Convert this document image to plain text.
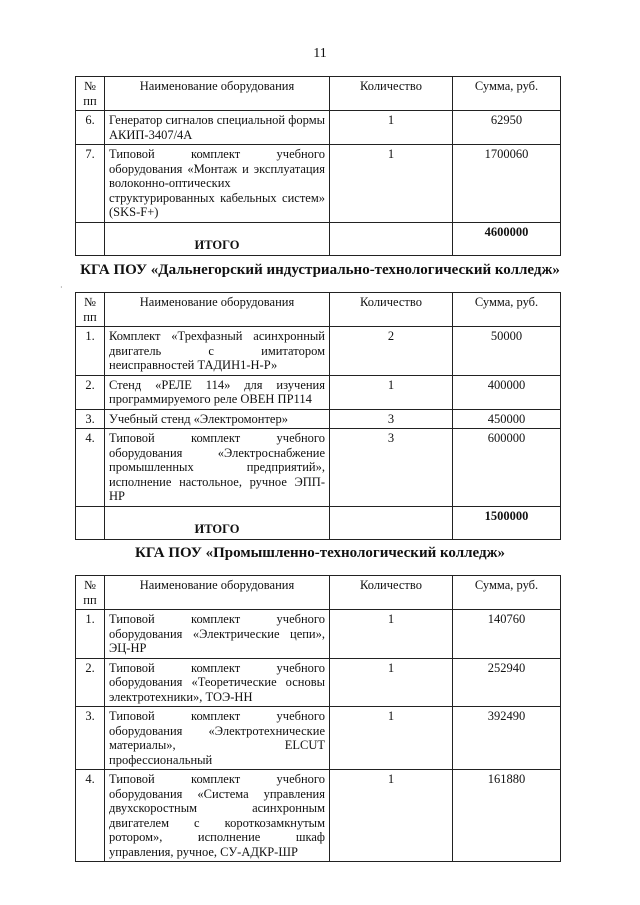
11
№ пп	Наименование оборудования	Количество	Сумма, руб.
6.	Генератор сигналов специальной формы АКИП-3407/4А	1	62950
7.	Типовой комплект учебного оборудования «Монтаж и эксплуатация волоконно-оптических структурированных кабельных систем» (SKS-F+)	1	1700060
	ИТОГО		4600000
КГА ПОУ «Дальнегорский индустриально-технологический колледж»
·
№ пп	Наименование оборудования	Количество	Сумма, руб.
1.	Комплект «Трехфазный асинхронный двигатель с имитатором неисправностей ТАДИН1-Н-Р»	2	50000
2.	Стенд «РЕЛЕ 114» для изучения программируемого реле ОВЕН ПР114	1	400000
3.	Учебный стенд «Электромонтер»	3	450000
4.	Типовой комплект учебного оборудования «Электроснабжение промышленных предприятий», исполнение настольное, ручное ЭПП-НР	3	600000
	ИТОГО		1500000
КГА ПОУ «Промышленно-технологический колледж»
№ пп	Наименование оборудования	Количество	Сумма, руб.
1.	Типовой комплект учебного оборудования «Электрические цепи», ЭЦ-НР	1	140760
2.	Типовой комплект учебного оборудования «Теоретические основы электротехники», ТОЭ-НН	1	252940
3.	Типовой комплект учебного оборудования «Электротехнические материалы», ELCUT профессиональный	1	392490
4.	Типовой комплект учебного оборудования «Система управления двухскоростным асинхронным двигателем с короткозамкнутым ротором», исполнение шкаф управления, ручное, СУ-АДКР-ШР	1	161880
